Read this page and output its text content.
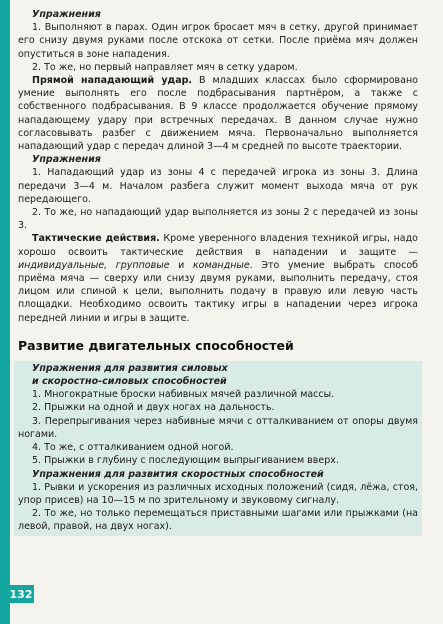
Упражнения

1. Выполняют в парах. Один игрок бросает мяч в сетку, другой принимает его снизу двумя руками после отскока от сетки. После приёма мяч должен опуститься в зоне нападения.

2. То же, но первый направляет мяч в сетку ударом.

Прямой нападающий удар. В младших классах было сформировано умение выполнять его после подбрасывания партнёром, а также с собственного подбрасывания. В 9 классе продолжается обучение прямому нападающему удару при встречных передачах. В данном случае нужно согласовывать разбег с движением мяча. Первоначально выполняется нападающий удар с передач длиной 3—4 м средней по высоте траектории.

Упражнения

1. Нападающий удар из зоны 4 с передачей игрока из зоны 3. Длина передачи 3—4 м. Началом разбега служит момент выхода мяча от рук передающего.

2. То же, но нападающий удар выполняется из зоны 2 с передачей из зоны 3.

Тактические действия. Кроме уверенного владения техникой игры, надо хорошо освоить тактические действия в нападении и защите — индивидуальные, групповые и командные. Это умение выбрать способ приёма мяча — сверху или снизу двумя руками, выполнить передачу, стоя лицом или спиной к цели, выполнить подачу в правую или левую часть площадки. Необходимо освоить тактику игры в нападении через игрока передней линии и игры в защите.

Развитие двигательных способностей

Упражнения для развития силовых

и скоростно-силовых способностей

1. Многократные броски набивных мячей различной массы.

2. Прыжки на одной и двух ногах на дальность.

3. Перепрыгивания через набивные мячи с отталкиванием от опоры двумя ногами.

4. То же, с отталкиванием одной ногой.

5. Прыжки в глубину с последующим выпрыгиванием вверх.

Упражнения для развития скоростных способностей

1. Рывки и ускорения из различных исходных положений (сидя, лёжа, стоя, упор присев) на 10—15 м по зрительному и звуковому сигналу.

2. То же, но только перемещаться приставными шагами или прыжками (на левой, правой, на двух ногах).

132
